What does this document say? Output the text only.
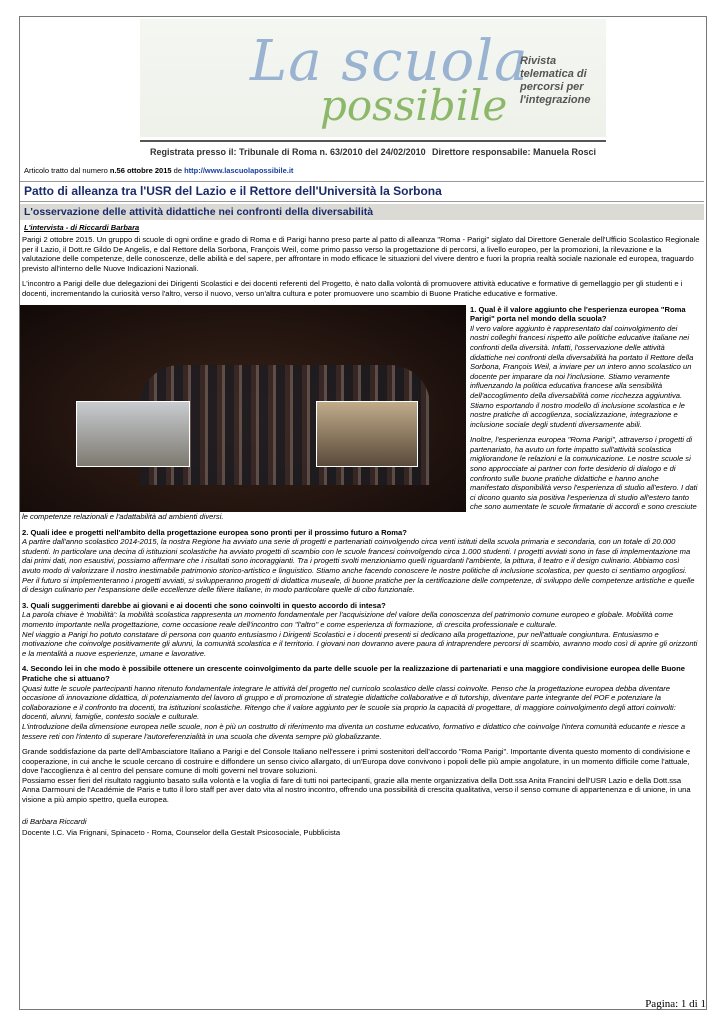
La scuola
possibile
Rivista telematica di percorsi per l'integrazione
Registrata presso il: Tribunale di Roma n. 63/2010 del 24/02/2010 Direttore responsabile: Manuela Rosci
Articolo tratto dal numero n.56 ottobre 2015 de http://www.lascuolapossibile.it
Patto di alleanza tra l'USR del Lazio e il Rettore dell'Università la Sorbona
L'osservazione delle attività didattiche nei confronti della diversabilità
L'intervista - di Riccardi Barbara

Parigi 2 ottobre 2015. Un gruppo di scuole di ogni ordine e grado di Roma e di Parigi hanno preso parte al patto di alleanza "Roma - Parigi" siglato dal Direttore Generale dell'Ufficio Scolastico Regionale per il Lazio, il Dott.re Gildo De Angelis, e dal Rettore della Sorbona, François Weil, come primo passo verso la progettazione di percorsi, a livello europeo, per la promozioni, la rilevazione e la valutazione delle competenze, delle conoscenze, delle abilità e del sapere, per affrontare in modo efficace le situazioni del vivere dentro e fuori la propria realtà sociale nazionale ed europea, traguardo previsto all'interno delle Nuove Indicazioni Nazionali.

L'incontro a Parigi delle due delegazioni dei Dirigenti Scolastici e dei docenti referenti del Progetto, è nato dalla volontà di promuovere attività educative e formative di gemellaggio per gli studenti e i docenti, incrementando la curiosità verso l'altro, verso il nuovo, verso un'altra cultura e poter promuovere uno scambio di Buone Pratiche educative e formative.

1. Qual è il valore aggiunto che l'esperienza europea "Roma Parigi" porta nel mondo della scuola?
Il vero valore aggiunto è rappresentato dal coinvolgimento dei nostri colleghi francesi rispetto alle politiche educative italiane nei confronti della diversità. Infatti, l'osservazione delle attività didattiche nei confronti della diversabilità ha portato il Rettore della Sorbona, François Weil, a inviare per un intero anno scolastico un docente per imparare da noi l'inclusione. Stiamo veramente influenzando la politica educativa francese alla sensibilità dell'accoglimento della diversabilità come ricchezza aggiuntiva. Stiamo esportando il nostro modello di inclusione scolastica e le nostre pratiche di accoglienza, socializzazione, integrazione e inclusione sociale degli studenti diversamente abili.
Inoltre, l'esperienza europea "Roma Parigi", attraverso i progetti di partenariato, ha avuto un forte impatto sull'attività scolastica migliorandone le relazioni e la comunicazione. Le nostre scuole si sono approcciate ai partner con forte desiderio di dialogo e di confronto sulle buone pratiche didattiche e hanno anche manifestato disponibilità verso l'esperienza di studio all'estero. I dati ci dicono quanto sia positiva l'esperienza di studio all'estero tanto che sono aumentate le scuole firmatarie di accordi e sono cresciute le competenze relazionali e l'adattabilità ad ambienti diversi.
2. Quali idee e progetti nell'ambito della progettazione europea sono pronti per il prossimo futuro a Roma?
A partire dall'anno scolastico 2014-2015, la nostra Regione ha avviato una serie di progetti e partenariati coinvolgendo circa venti istituti della scuola primaria e secondaria, con un totale di 20.000 studenti. In particolare una decina di istituzioni scolastiche ha avviato progetti di scambio con le scuole francesi coinvolgendo circa 1.000 studenti. I progetti avviati sono in fase di implementazione ma dai primi dati, non esaustivi, possiamo affermare che i risultati sono incoraggianti. Tra i progetti svolti menzioniamo quelli riguardanti l'ambiente, la pittura, il teatro e il design culinario. Abbiamo così avuto modo di valorizzare il nostro inestimabile patrimonio storico-artistico e linguistico. Stiamo anche facendo conoscere le nostre politiche di inclusione scolastica, per questo ci sentiamo orgogliosi. Per il futuro si implementeranno i progetti avviati, si svilupperanno progetti di didattica museale, di buone pratiche per la certificazione delle competenze, di sviluppo delle competenze artistiche e quelle di design culinario per l'espansione delle eccellenze delle filiere italiane, in modo particolare quelle di cibo funzionale.
3. Quali suggerimenti darebbe ai giovani e ai docenti che sono coinvolti in questo accordo di intesa?
La parola chiave è 'mobilità': la mobilità scolastica rappresenta un momento fondamentale per l'acquisizione del valore della conoscenza del patrimonio comune europeo e globale. Mobilità come momento importante nella progettazione, come occasione reale dell'incontro con "l'altro" e come esperienza di formazione, di crescita professionale e culturale.
Nel viaggio a Parigi ho potuto constatare di persona con quanto entusiasmo i Dirigenti Scolastici e i docenti presenti si dedicano alla progettazione, pur nell'attuale congiuntura. Entusiasmo e motivazione che coinvolge positivamente gli alunni, la comunità scolastica e il territorio. I giovani non dovranno avere paura di intraprendere percorsi di scambio, avranno modo così di aprire gli orizzonti e la mentalità a nuove esperienze, umane e lavorative.
4. Secondo lei in che modo è possibile ottenere un crescente coinvolgimento da parte delle scuole per la realizzazione di partenariati e una maggiore condivisione europea delle Buone Pratiche che si attuano?
Quasi tutte le scuole partecipanti hanno ritenuto fondamentale integrare le attività del progetto nel curricolo scolastico delle classi coinvolte. Penso che la progettazione europea debba diventare occasione di innovazione didattica, di potenziamento del lavoro di gruppo e di promozione di strategie didattiche collaborative e di tutorship, diventare parte integrante del POF e potenziare la collaborazione e il confronto tra docenti, tra istituzioni scolastiche. Ritengo che il valore aggiunto per le scuole sia proprio la capacità di progettare, di maggiore coinvolgimento degli attori coinvolti: docenti, alunni, famiglie, contesto sociale e culturale.
L'introduzione della dimensione europea nelle scuole, non è più un costrutto di riferimento ma diventa un costume educativo, formativo e didattico che coinvolge l'intera comunità educante e riesce a tessere reti con l'intento di superare l'autoreferenzialità in una scuola che diventa sempre più globalizzante.
Grande soddisfazione da parte dell'Ambasciatore Italiano a Parigi e del Console Italiano nell'essere i primi sostenitori dell'accordo "Roma Parigi". Importante diventa questo momento di condivisione e cooperazione, in cui anche le scuole cercano di costruire e diffondere un senso civico allargato, di un'Europa dove convivono i popoli delle più ampie angolature, in un momento difficile come l'attuale, dove l'accoglienza è al centro del pensare comune di molti governi nel trovare soluzioni.
Possiamo esser fieri del risultato raggiunto basato sulla volontà e la voglia di fare di tutti noi partecipanti, grazie alla mente organizzativa della Dott.ssa Anita Francini dell'USR Lazio e della Dott.ssa Anna Darmouni de l'Académie de Paris e tutto il loro staff per aver dato vita al nostro incontro, offrendo una possibilità di crescita qualitativa, verso il senso comune di appartenenza e di unione, in una visione a più ampio spettro, quella europea.
di Barbara Riccardi
Docente I.C. Via Frignani, Spinaceto - Roma, Counselor della Gestalt Psicosociale, Pubblicista
Pagina: 1 di 1
